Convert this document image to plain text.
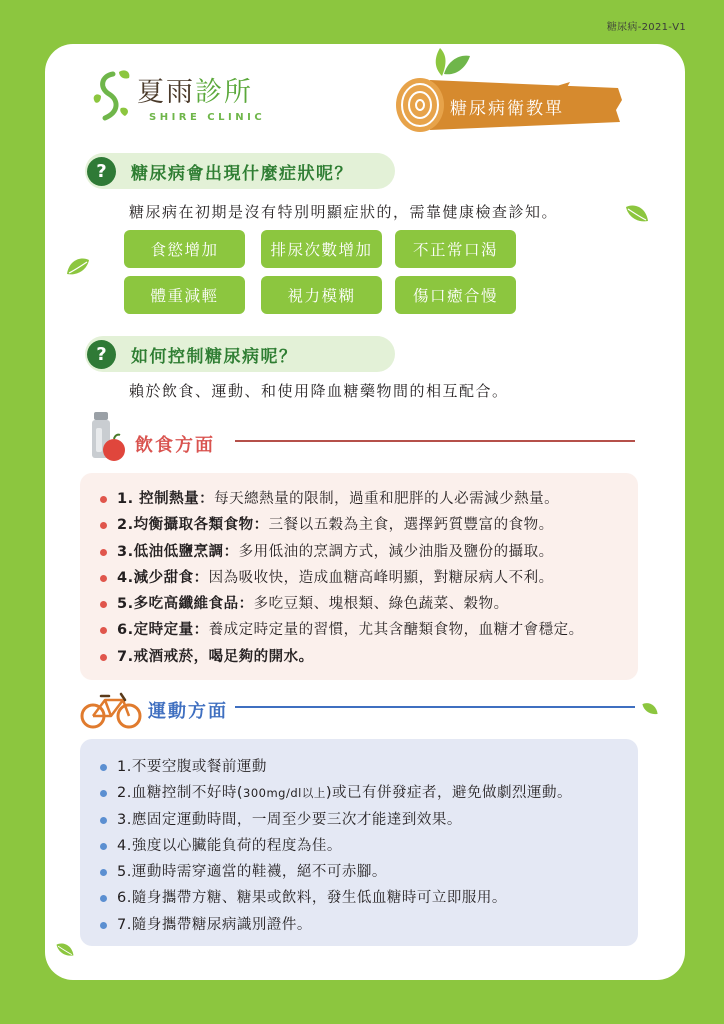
糖尿病-2021-V1
夏雨診所
SHIRE CLINIC	糖尿病衛教單
?	糖尿病會出現什麼症狀呢？
糖尿病在初期是沒有特別明顯症狀的，需靠健康檢查診知。
食慾增加	排尿次數增加	不正常口渴
體重減輕	視力模糊	傷口癒合慢
?	如何控制糖尿病呢？
賴於飲食、運動、和使用降血糖藥物間的相互配合。
飲食方面
1. 控制熱量：每天總熱量的限制，過重和肥胖的人必需減少熱量。
2.均衡攝取各類食物：三餐以五穀為主食，選擇鈣質豐富的食物。
3.低油低鹽烹調：多用低油的烹調方式，減少油脂及鹽份的攝取。
4.減少甜食：因為吸收快，造成血糖高峰明顯，對糖尿病人不利。
5.多吃高纖維食品：多吃豆類、塊根類、綠色蔬菜、穀物。
6.定時定量：養成定時定量的習慣，尤其含醣類食物，血糖才會穩定。
7.戒酒戒菸，喝足夠的開水。
運動方面
1.不要空腹或餐前運動
2.血糖控制不好時(300mg/dl以上)或已有併發症者，避免做劇烈運動。
3.應固定運動時間，一周至少要三次才能達到效果。
4.強度以心臟能負荷的程度為佳。
5.運動時需穿適當的鞋襪，絕不可赤腳。
6.隨身攜帶方糖、糖果或飲料，發生低血糖時可立即服用。
7.隨身攜帶糖尿病識別證件。
